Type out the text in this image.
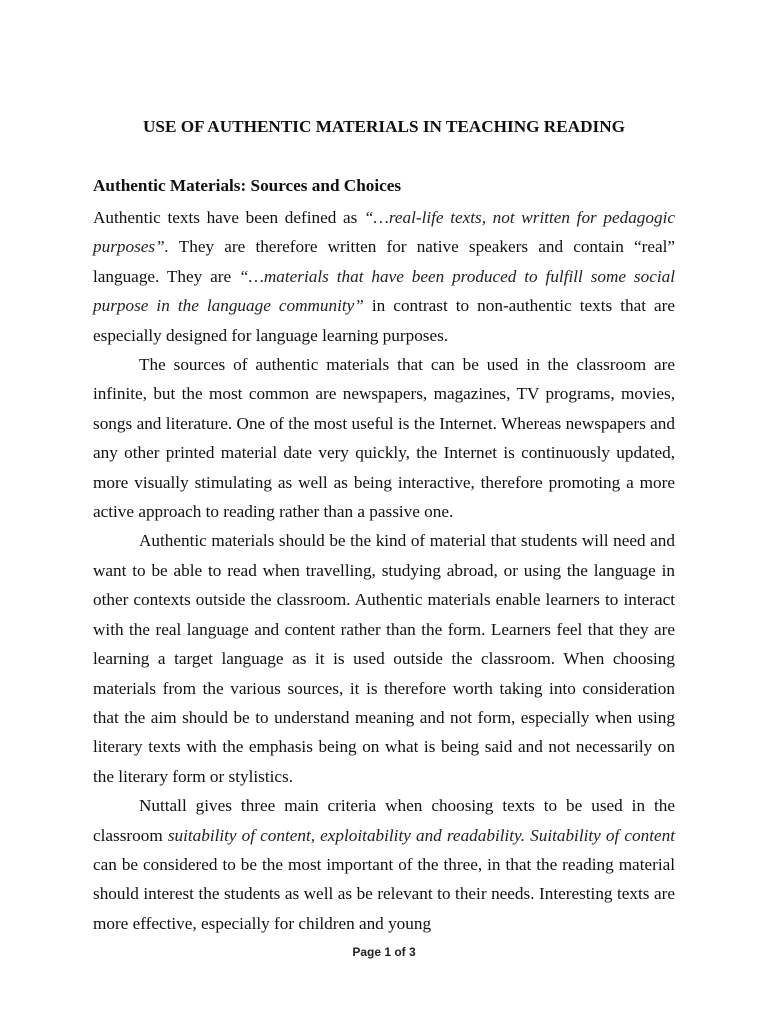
USE OF AUTHENTIC MATERIALS IN TEACHING READING
Authentic Materials: Sources and Choices

Authentic texts have been defined as “…real-life texts, not written for pedagogic purposes”. They are therefore written for native speakers and contain “real” language. They are “…materials that have been produced to fulfill some social purpose in the language community” in contrast to non-authentic texts that are especially designed for language learning purposes.

The sources of authentic materials that can be used in the classroom are infinite, but the most common are newspapers, magazines, TV programs, movies, songs and literature. One of the most useful is the Internet. Whereas newspapers and any other printed material date very quickly, the Internet is continuously updated, more visually stimulating as well as being interactive, therefore promoting a more active approach to reading rather than a passive one.

Authentic materials should be the kind of material that students will need and want to be able to read when travelling, studying abroad, or using the language in other contexts outside the classroom. Authentic materials enable learners to interact with the real language and content rather than the form. Learners feel that they are learning a target language as it is used outside the classroom. When choosing materials from the various sources, it is therefore worth taking into consideration that the aim should be to understand meaning and not form, especially when using literary texts with the emphasis being on what is being said and not necessarily on the literary form or stylistics.

Nuttall gives three main criteria when choosing texts to be used in the classroom suitability of content, exploitability and readability. Suitability of content can be considered to be the most important of the three, in that the reading material should interest the students as well as be relevant to their needs. Interesting texts are more effective, especially for children and young

Page 1 of 3
